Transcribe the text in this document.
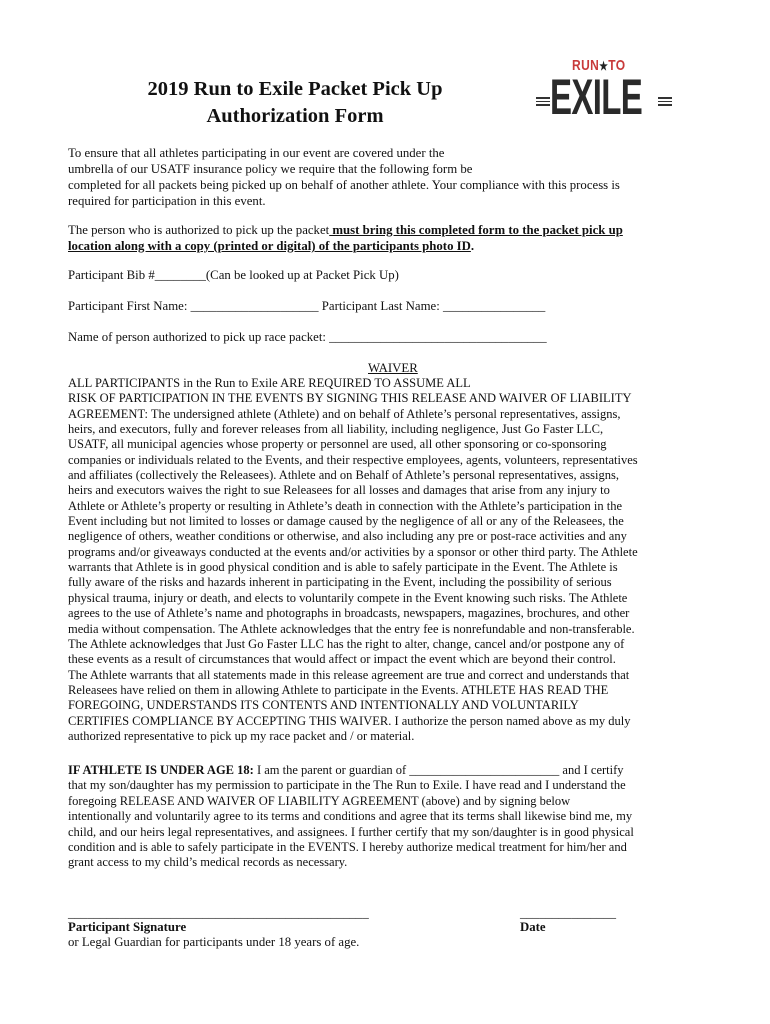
2019 Run to Exile Packet Pick Up
Authorization Form
RUN★TO
EXILE
To ensure that all athletes participating in our event are covered under the
umbrella of our USATF insurance policy we require that the following form be
completed for all packets being picked up on behalf of another athlete. Your compliance with this process is
required for participation in this event.
The person who is authorized to pick up the packet must bring this completed form to the packet pick up
location along with a copy (printed or digital) of the participants photo ID.
Participant Bib #________(Can be looked up at Packet Pick Up)
Participant First Name: ____________________ Participant Last Name: ________________
Name of person authorized to pick up race packet: __________________________________
WAIVER
ALL PARTICIPANTS in the Run to Exile ARE REQUIRED TO ASSUME ALL
RISK OF PARTICIPATION IN THE EVENTS BY SIGNING THIS RELEASE AND WAIVER OF LIABILITY
AGREEMENT: The undersigned athlete (Athlete) and on behalf of Athlete’s personal representatives, assigns,
heirs, and executors, fully and forever releases from all liability, including negligence, Just Go Faster LLC,
USATF, all municipal agencies whose property or personnel are used, all other sponsoring or co-sponsoring
companies or individuals related to the Events, and their respective employees, agents, volunteers, representatives
and affiliates (collectively the Releasees). Athlete and on Behalf of Athlete’s personal representatives, assigns,
heirs and executors waives the right to sue Releasees for all losses and damages that arise from any injury to
Athlete or Athlete’s property or resulting in Athlete’s death in connection with the Athlete’s participation in the
Event including but not limited to losses or damage caused by the negligence of all or any of the Releasees, the
negligence of others, weather conditions or otherwise, and also including any pre or post-race activities and any
programs and/or giveaways conducted at the events and/or activities by a sponsor or other third party. The Athlete
warrants that Athlete is in good physical condition and is able to safely participate in the Event. The Athlete is
fully aware of the risks and hazards inherent in participating in the Event, including the possibility of serious
physical trauma, injury or death, and elects to voluntarily compete in the Event knowing such risks. The Athlete
agrees to the use of Athlete’s name and photographs in broadcasts, newspapers, magazines, brochures, and other
media without compensation. The Athlete acknowledges that the entry fee is nonrefundable and non-transferable.
The Athlete acknowledges that Just Go Faster LLC has the right to alter, change, cancel and/or postpone any of
these events as a result of circumstances that would affect or impact the event which are beyond their control.
The Athlete warrants that all statements made in this release agreement are true and correct and understands that
Releasees have relied on them in allowing Athlete to participate in the Events. ATHLETE HAS READ THE
FOREGOING, UNDERSTANDS ITS CONTENTS AND INTENTIONALLY AND VOLUNTARILY
CERTIFIES COMPLIANCE BY ACCEPTING THIS WAIVER. I authorize the person named above as my duly
authorized representative to pick up my race packet and / or material.
IF ATHLETE IS UNDER AGE 18: I am the parent or guardian of ________________________ and I certify
that my son/daughter has my permission to participate in the The Run to Exile. I have read and I understand the
foregoing RELEASE AND WAIVER OF LIABILITY AGREEMENT (above) and by signing below
intentionally and voluntarily agree to its terms and conditions and agree that its terms shall likewise bind me, my
child, and our heirs legal representatives, and assignees. I further certify that my son/daughter is in good physical
condition and is able to safely participate in the EVENTS. I hereby authorize medical treatment for him/her and
grant access to my child’s medical records as necessary.
_______________________________________________	_______________
Participant Signature	Date
or Legal Guardian for participants under 18 years of age.
